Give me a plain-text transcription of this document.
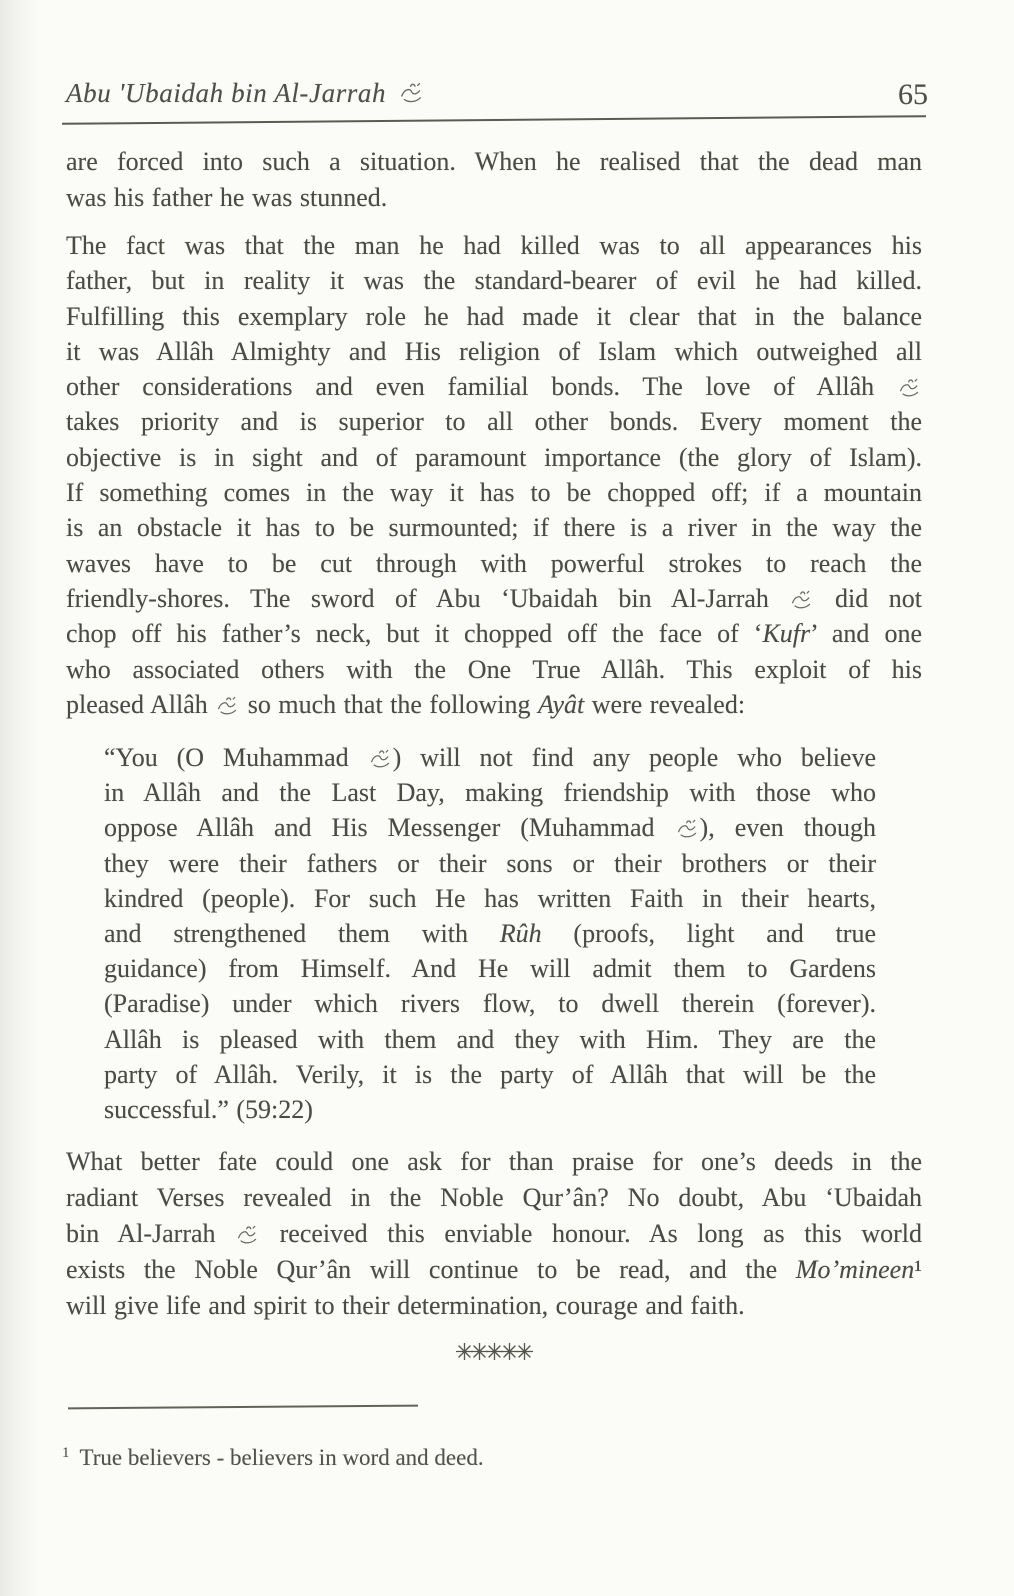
Abu 'Ubaidah bin Al-Jarrah	65
are forced into such a situation. When he realised that the dead man
was his father he was stunned.
The fact was that the man he had killed was to all appearances his
father, but in reality it was the standard-bearer of evil he had killed.
Fulfilling this exemplary role he had made it clear that in the balance
it was Allâh Almighty and His religion of Islam which outweighed all
other considerations and even familial bonds. The love of Allâh
takes priority and is superior to all other bonds. Every moment the
objective is in sight and of paramount importance (the glory of Islam).
If something comes in the way it has to be chopped off; if a mountain
is an obstacle it has to be surmounted; if there is a river in the way the
waves have to be cut through with powerful strokes to reach the
friendly-shores. The sword of Abu ‘Ubaidah bin Al-Jarrah  did not
chop off his father’s neck, but it chopped off the face of ‘Kufr’ and one
who associated others with the One True Allâh. This exploit of his
pleased Allâh  so much that the following Ayât were revealed:
“You (O Muhammad ) will not find any people who believe
in Allâh and the Last Day, making friendship with those who
oppose Allâh and His Messenger (Muhammad ), even though
they were their fathers or their sons or their brothers or their
kindred (people). For such He has written Faith in their hearts,
and strengthened them with Rûh (proofs, light and true
guidance) from Himself. And He will admit them to Gardens
(Paradise) under which rivers flow, to dwell therein (forever).
Allâh is pleased with them and they with Him. They are the
party of Allâh. Verily, it is the party of Allâh that will be the
successful.” (59:22)
What better fate could one ask for than praise for one’s deeds in the
radiant Verses revealed in the Noble Qur’ân? No doubt, Abu ‘Ubaidah
bin Al-Jarrah  received this enviable honour. As long as this world
exists the Noble Qur’ân will continue to be read, and the Mo’mineen¹
will give life and spirit to their determination, courage and faith.
$^1$ True believers - believers in word and deed.
